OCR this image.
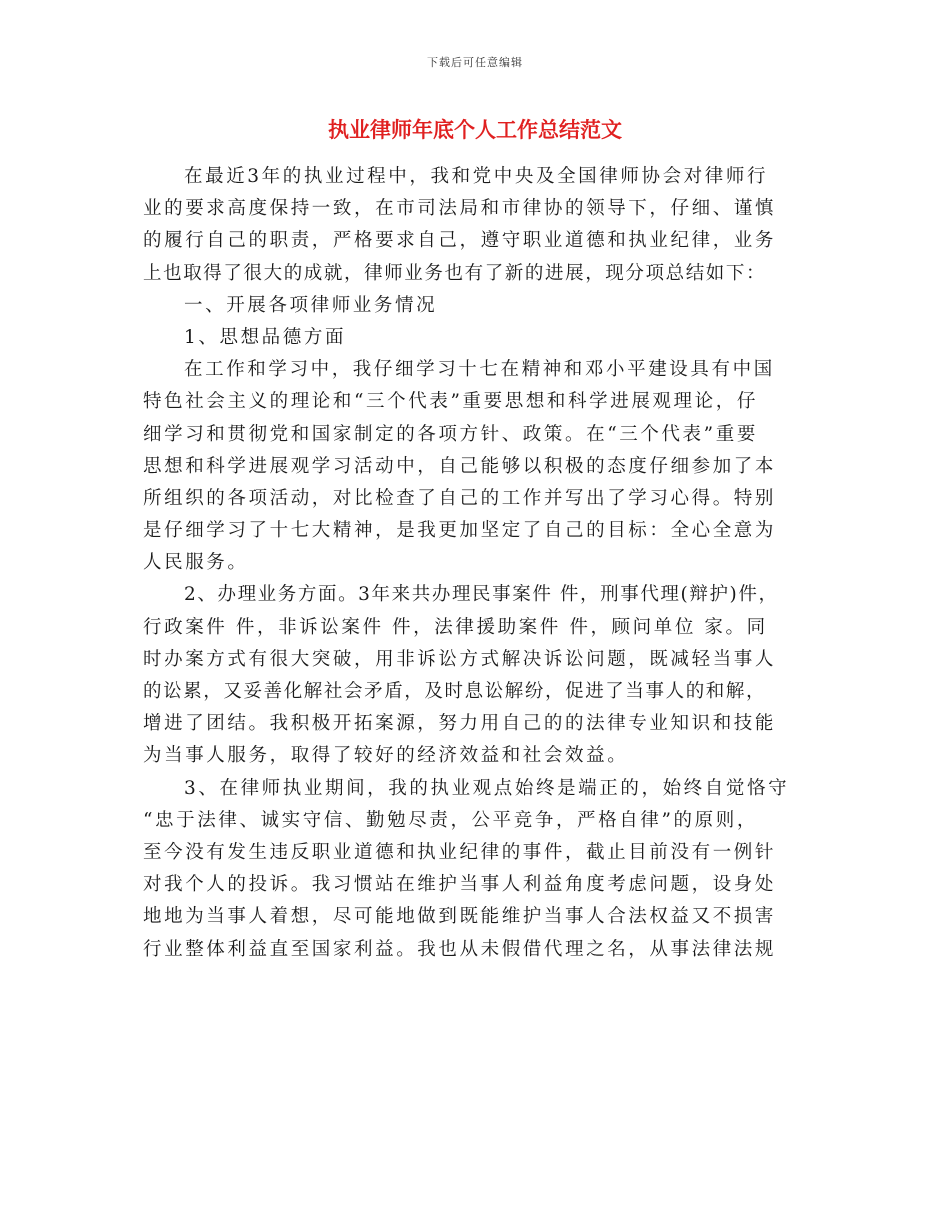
下载后可任意编辑
执业律师年底个人工作总结范文
在最近3年的执业过程中，我和党中央及全国律师协会对律师行
业的要求高度保持一致，在市司法局和市律协的领导下，仔细、谨慎
的履行自己的职责，严格要求自己，遵守职业道德和执业纪律，业务
上也取得了很大的成就，律师业务也有了新的进展，现分项总结如下：
一、开展各项律师业务情况
1、思想品德方面
在工作和学习中，我仔细学习十七在精神和邓小平建设具有中国
特色社会主义的理论和“三个代表”重要思想和科学进展观理论，仔
细学习和贯彻党和国家制定的各项方针、政策。在“三个代表”重要
思想和科学进展观学习活动中，自己能够以积极的态度仔细参加了本
所组织的各项活动，对比检查了自己的工作并写出了学习心得。特别
是仔细学习了十七大精神，是我更加坚定了自己的目标：全心全意为
人民服务。
2、办理业务方面。3年来共办理民事案件 件，刑事代理(辩护)件，
行政案件 件，非诉讼案件 件，法律援助案件 件，顾问单位 家。同
时办案方式有很大突破，用非诉讼方式解决诉讼问题，既减轻当事人
的讼累，又妥善化解社会矛盾，及时息讼解纷，促进了当事人的和解，
增进了团结。我积极开拓案源，努力用自己的的法律专业知识和技能
为当事人服务，取得了较好的经济效益和社会效益。
3、在律师执业期间，我的执业观点始终是端正的，始终自觉恪守
“忠于法律、诚实守信、勤勉尽责，公平竞争，严格自律”的原则，
至今没有发生违反职业道德和执业纪律的事件，截止目前没有一例针
对我个人的投诉。我习惯站在维护当事人利益角度考虑问题，设身处
地地为当事人着想，尽可能地做到既能维护当事人合法权益又不损害
行业整体利益直至国家利益。我也从未假借代理之名，从事法律法规
